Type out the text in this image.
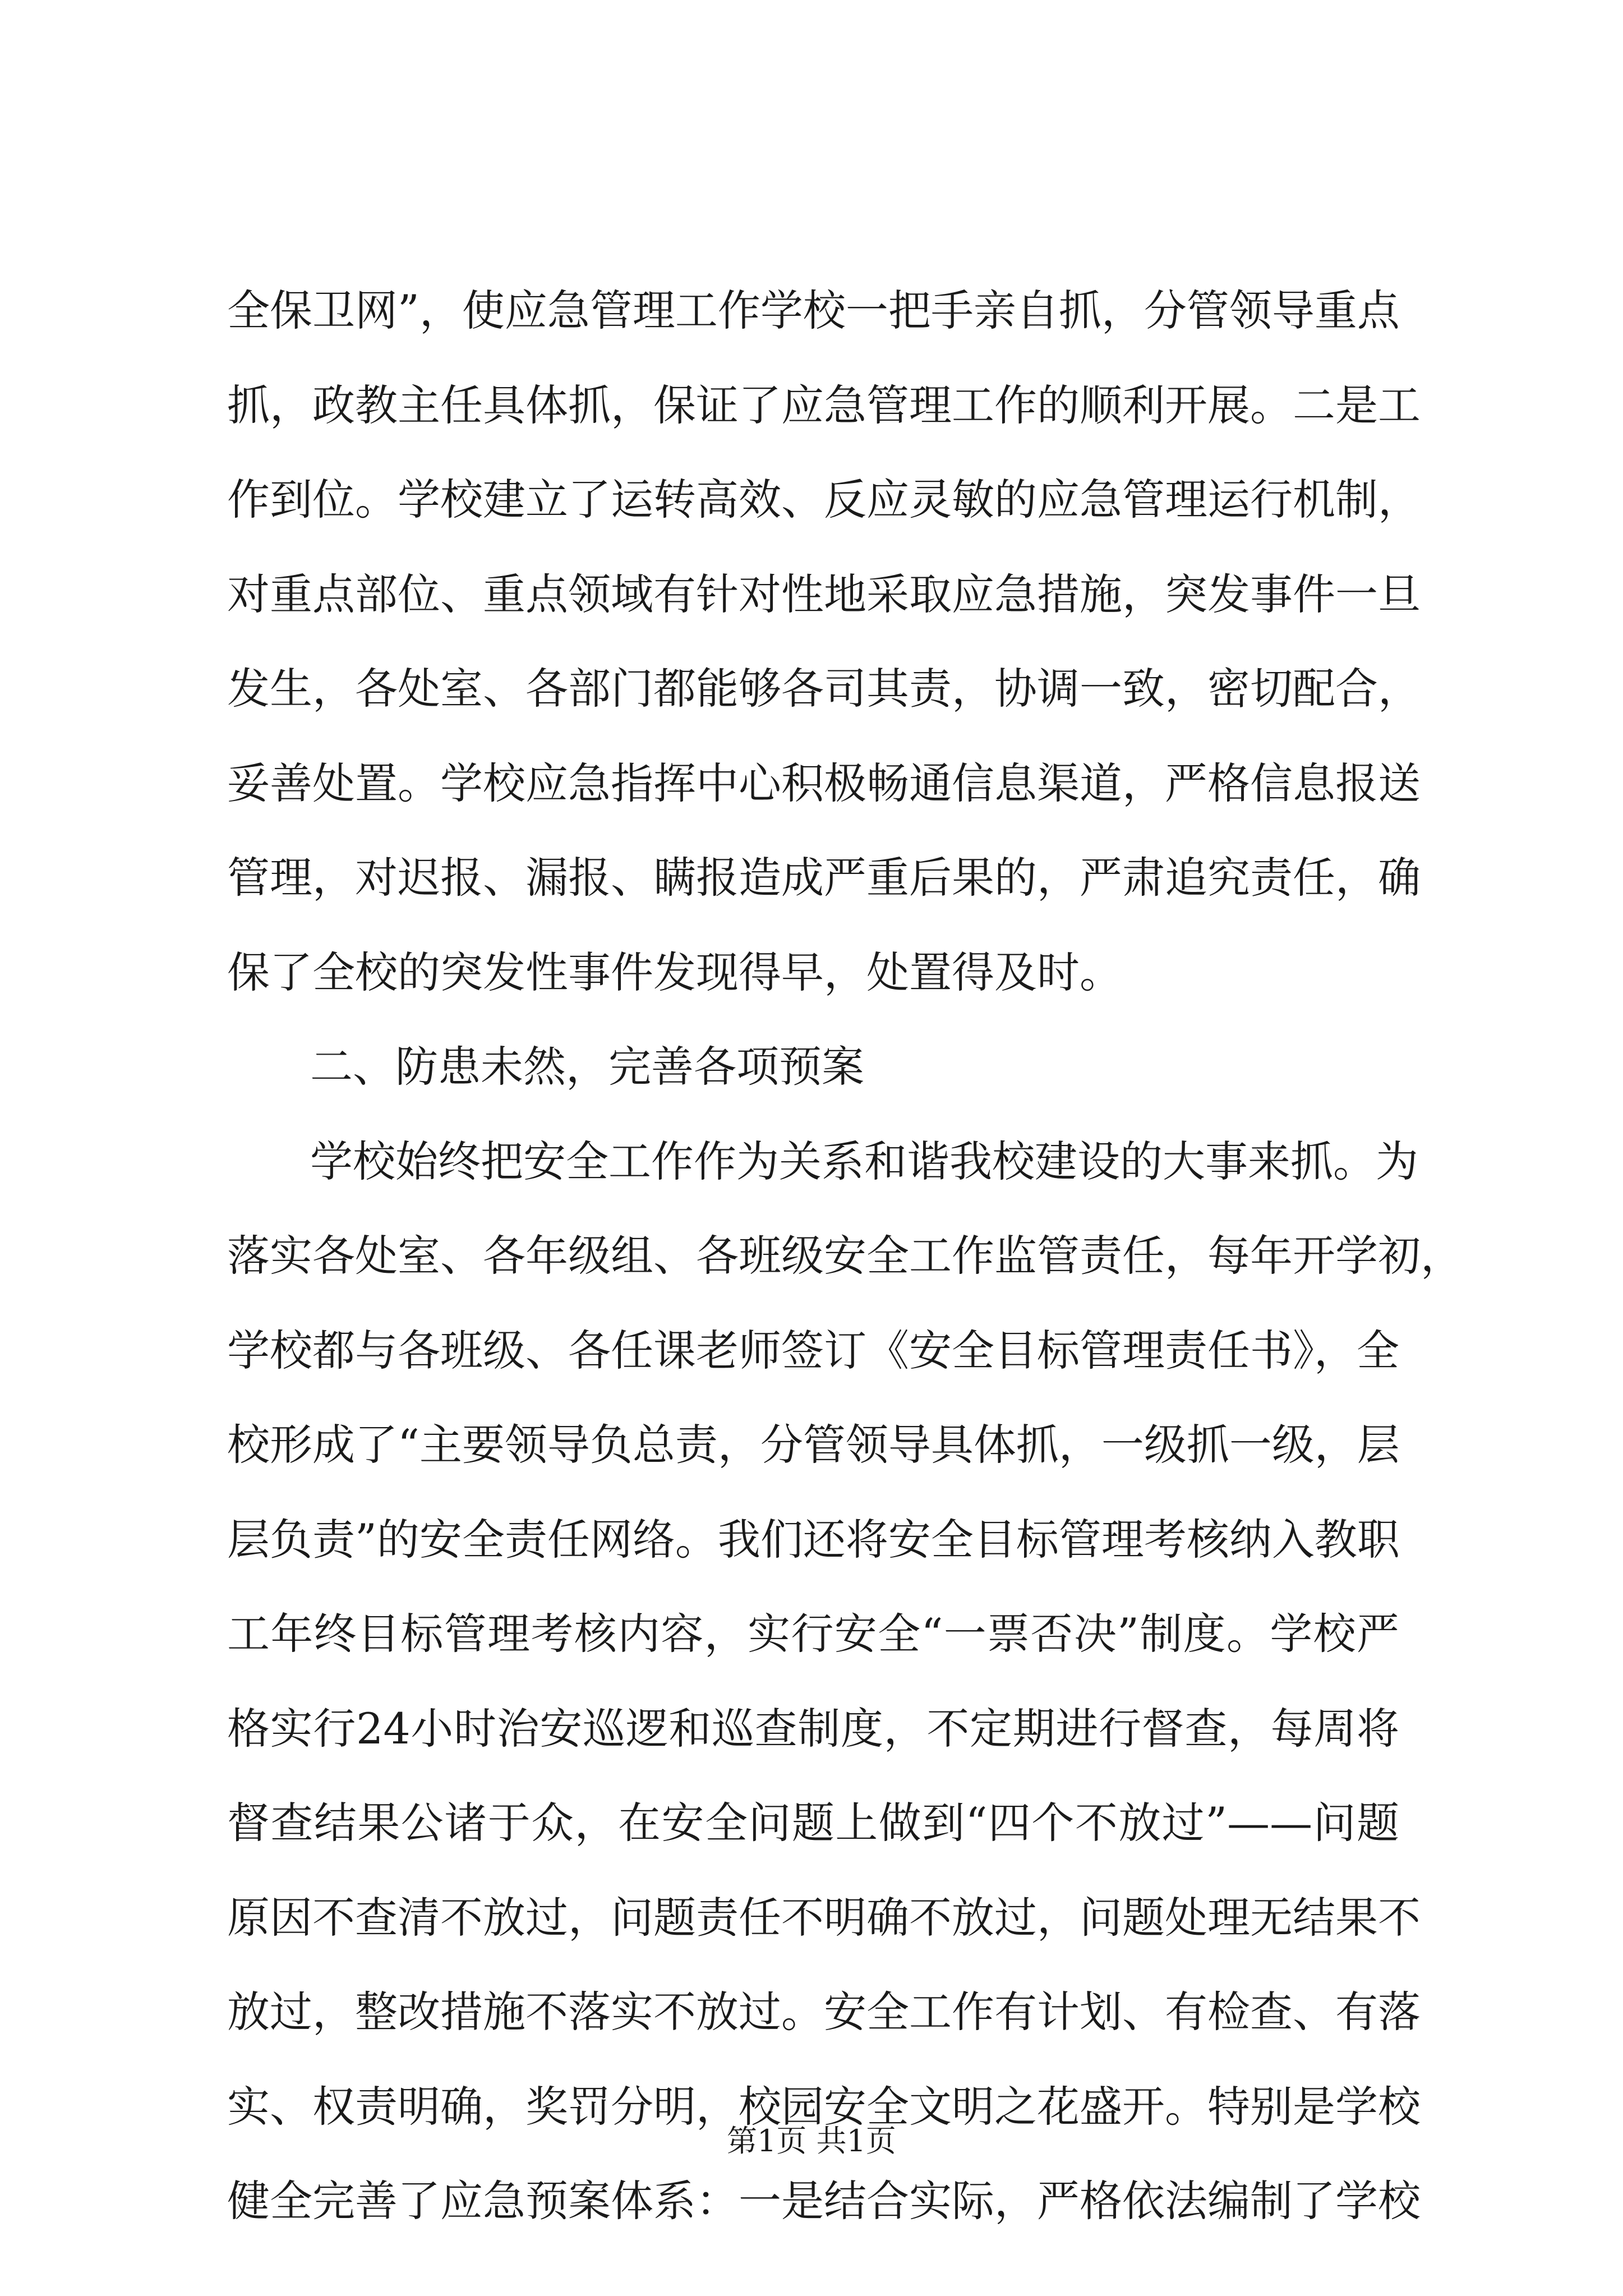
全保卫网”，使应急管理工作学校一把手亲自抓，分管领导重点
抓，政教主任具体抓，保证了应急管理工作的顺利开展。二是工
作到位。学校建立了运转高效、反应灵敏的应急管理运行机制，
对重点部位、重点领域有针对性地采取应急措施，突发事件一旦
发生，各处室、各部门都能够各司其责，协调一致，密切配合，
妥善处置。学校应急指挥中心积极畅通信息渠道，严格信息报送
管理，对迟报、漏报、瞒报造成严重后果的，严肃追究责任，确
保了全校的突发性事件发现得早，处置得及时。
二、防患未然，完善各项预案
学校始终把安全工作作为关系和谐我校建设的大事来抓。为
落实各处室、各年级组、各班级安全工作监管责任，每年开学初，
学校都与各班级、各任课老师签订《安全目标管理责任书》，全
校形成了“主要领导负总责，分管领导具体抓，一级抓一级，层
层负责”的安全责任网络。我们还将安全目标管理考核纳入教职
工年终目标管理考核内容，实行安全“一票否决”制度。学校严
格实行24小时治安巡逻和巡查制度，不定期进行督查，每周将
督查结果公诸于众，在安全问题上做到“四个不放过”——问题
原因不查清不放过，问题责任不明确不放过，问题处理无结果不
放过，整改措施不落实不放过。安全工作有计划、有检查、有落
实、权责明确，奖罚分明，校园安全文明之花盛开。特别是学校
健全完善了应急预案体系：一是结合实际，严格依法编制了学校
第1页 共1页
